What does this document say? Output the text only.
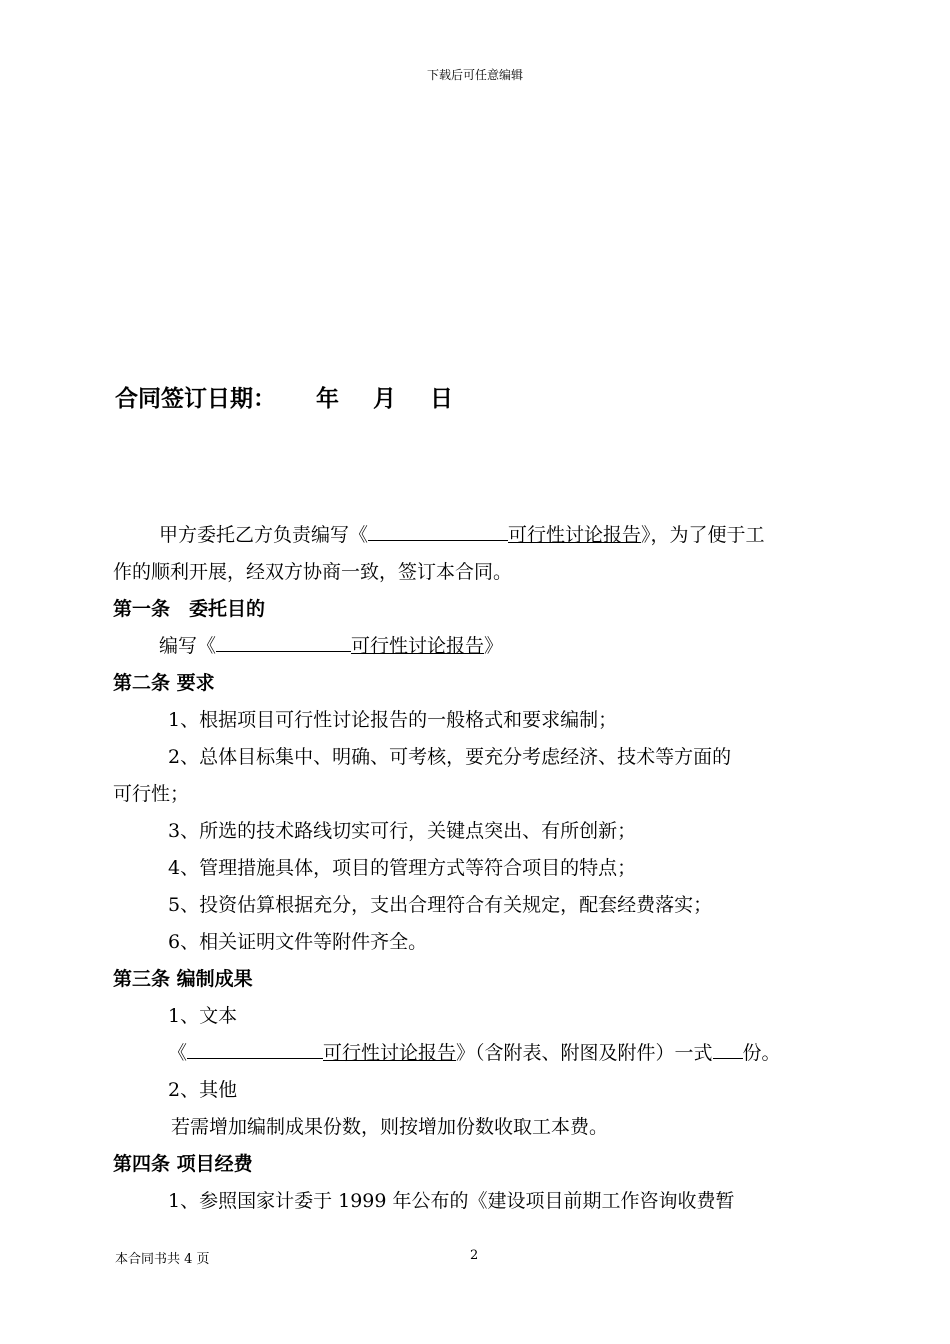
下载后可任意编辑
合同签订日期： 年 月 日
甲方委托乙方负责编写《	可行性讨论报告》，为了便于工
作的顺利开展，经双方协商一致，签订本合同。
第一条　委托目的
编写《	可行性讨论报告》
第二条 要求
1、根据项目可行性讨论报告的一般格式和要求编制；
2、总体目标集中、明确、可考核，要充分考虑经济、技术等方面的
可行性；
3、所选的技术路线切实可行，关键点突出、有所创新；
4、管理措施具体，项目的管理方式等符合项目的特点；
5、投资估算根据充分，支出合理符合有关规定，配套经费落实；
6、相关证明文件等附件齐全。
第三条 编制成果
1、文本
《	可行性讨论报告》（含附表、附图及附件）一式 份。
2、其他
若需增加编制成果份数，则按增加份数收取工本费。
第四条 项目经费
1、参照国家计委于 1999 年公布的《建设项目前期工作咨询收费暂
本合同书共 4 页	2
